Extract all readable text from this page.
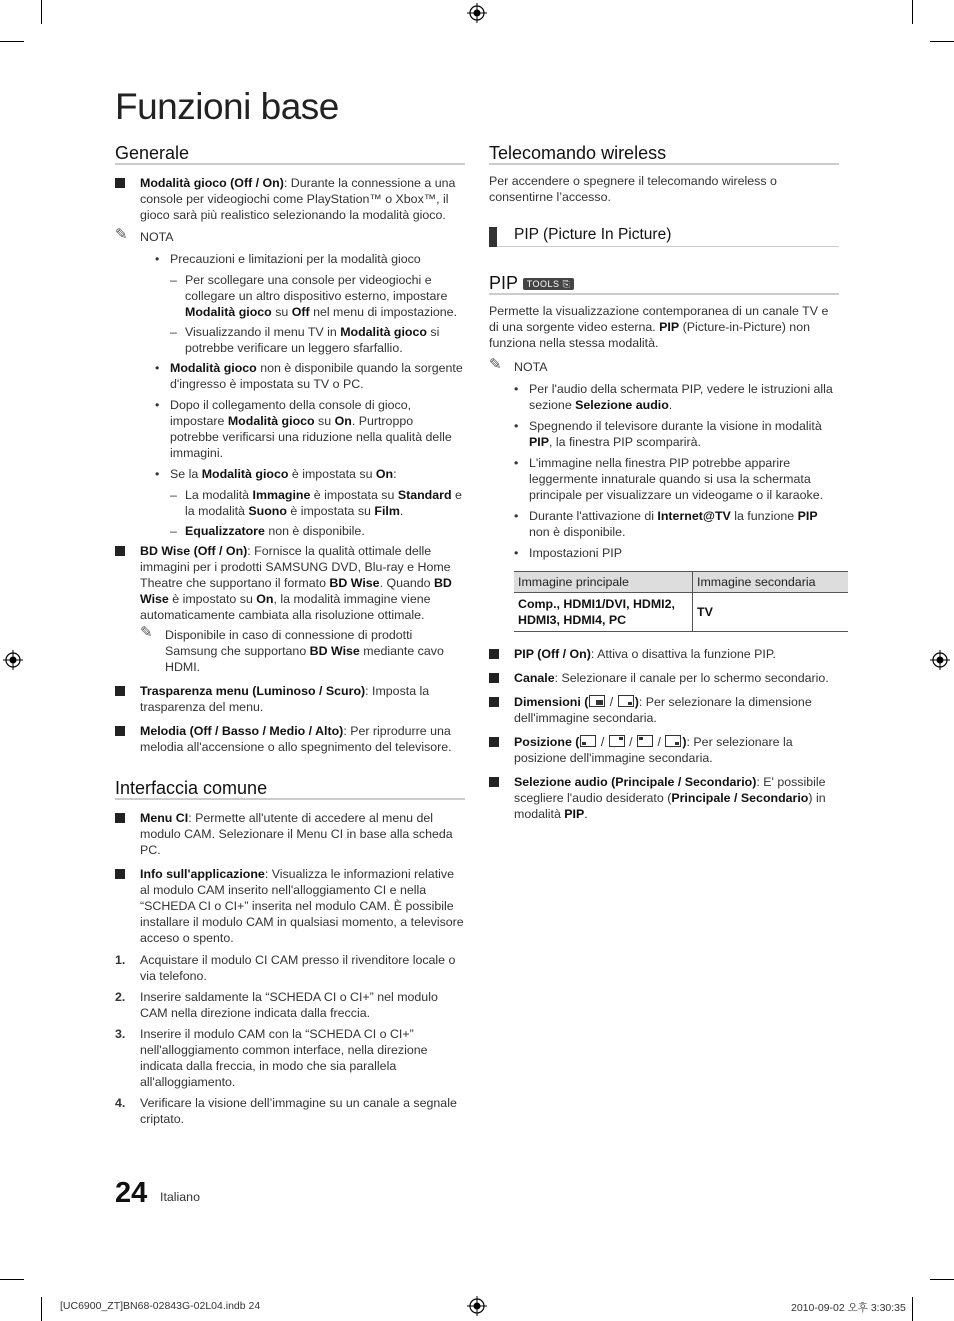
Funzioni base
Generale
Modalità gioco (Off / On): Durante la connessione a una console per videogiochi come PlayStation™ o Xbox™, il gioco sarà più realistico selezionando la modalità gioco.
✎ NOTA
• Precauzioni e limitazioni per la modalità gioco
– Per scollegare una console per videogiochi e collegare un altro dispositivo esterno, impostare Modalità gioco su Off nel menu di impostazione.
– Visualizzando il menu TV in Modalità gioco si potrebbe verificare un leggero sfarfallio.
• Modalità gioco non è disponibile quando la sorgente d'ingresso è impostata su TV o PC.
• Dopo il collegamento della console di gioco, impostare Modalità gioco su On. Purtroppo potrebbe verificarsi una riduzione nella qualità delle immagini.
• Se la Modalità gioco è impostata su On:
– La modalità Immagine è impostata su Standard e la modalità Suono è impostata su Film.
– Equalizzatore non è disponibile.
BD Wise (Off / On): Fornisce la qualità ottimale delle immagini per i prodotti SAMSUNG DVD, Blu-ray e Home Theatre che supportano il formato BD Wise. Quando BD Wise è impostato su On, la modalità immagine viene automaticamente cambiata alla risoluzione ottimale.
✎ Disponibile in caso di connessione di prodotti Samsung che supportano BD Wise mediante cavo HDMI.
Trasparenza menu (Luminoso / Scuro): Imposta la trasparenza del menu.
Melodia (Off / Basso / Medio / Alto): Per riprodurre una melodia all'accensione o allo spegnimento del televisore.
Interfaccia comune
Menu CI: Permette all'utente di accedere al menu del modulo CAM. Selezionare il Menu CI in base alla scheda PC.
Info sull'applicazione: Visualizza le informazioni relative al modulo CAM inserito nell'alloggiamento CI e nella “SCHEDA CI o CI+” inserita nel modulo CAM. È possibile installare il modulo CAM in qualsiasi momento, a televisore acceso o spento.
1. Acquistare il modulo CI CAM presso il rivenditore locale o via telefono.
2. Inserire saldamente la “SCHEDA CI o CI+” nel modulo CAM nella direzione indicata dalla freccia.
3. Inserire il modulo CAM con la “SCHEDA CI o CI+” nell'alloggiamento common interface, nella direzione indicata dalla freccia, in modo che sia parallela all'alloggiamento.
4. Verificare la visione dell’immagine su un canale a segnale criptato.
Telecomando wireless
Per accendere o spegnere il telecomando wireless o consentirne l’accesso.
PIP (Picture In Picture)
PIP TOOLS ⎘
Permette la visualizzazione contemporanea di un canale TV e di una sorgente video esterna. PIP (Picture-in-Picture) non funziona nella stessa modalità.
✎ NOTA
• Per l'audio della schermata PIP, vedere le istruzioni alla sezione Selezione audio.
• Spegnendo il televisore durante la visione in modalità PIP, la finestra PIP scomparirà.
• L'immagine nella finestra PIP potrebbe apparire leggermente innaturale quando si usa la schermata principale per visualizzare un videogame o il karaoke.
• Durante l'attivazione di Internet@TV la funzione PIP non è disponibile.
• Impostazioni PIP
Immagine principale	Immagine secondaria
Comp., HDMI1/DVI, HDMI2, HDMI3, HDMI4, PC	TV
PIP (Off / On): Attiva o disattiva la funzione PIP.
Canale: Selezionare il canale per lo schermo secondario.
Dimensioni (
/
): Per selezionare la dimensione dell'immagine secondaria.
Posizione (
/
/
/
): Per selezionare la posizione dell'immagine secondaria.
Selezione audio (Principale / Secondario): E' possibile scegliere l'audio desiderato (Principale / Secondario) in modalità PIP.
24 Italiano
[UC6900_ZT]BN68-02843G-02L04.indb 24	2010-09-02 오후 3:30:35
